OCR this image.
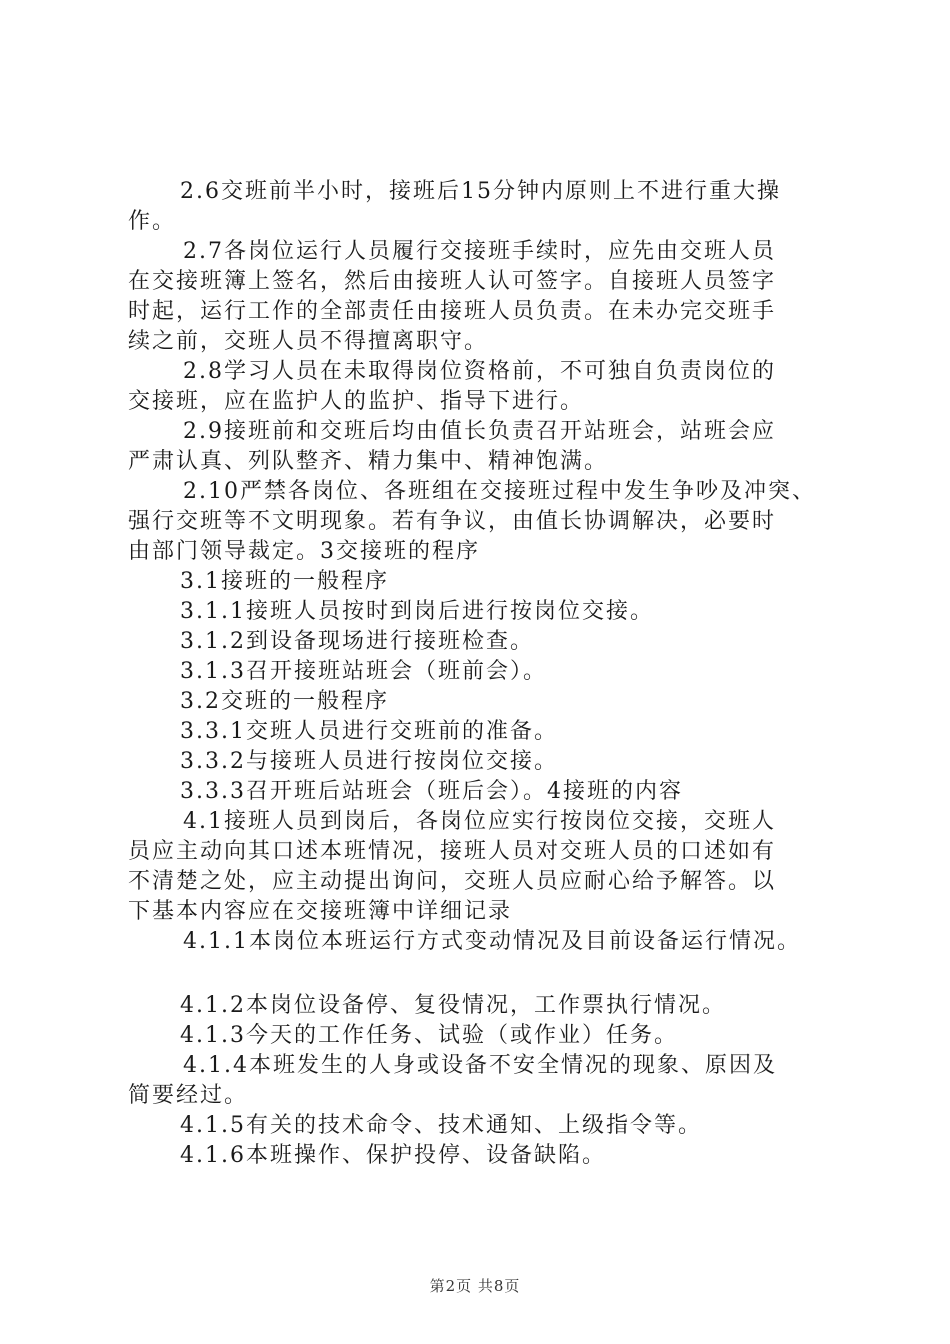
2.6交班前半小时，接班后15分钟内原则上不进行重大操
作。
2.7各岗位运行人员履行交接班手续时，应先由交班人员
在交接班簿上签名，然后由接班人认可签字。自接班人员签字
时起，运行工作的全部责任由接班人员负责。在未办完交班手
续之前，交班人员不得擅离职守。
2.8学习人员在未取得岗位资格前，不可独自负责岗位的
交接班，应在监护人的监护、指导下进行。
2.9接班前和交班后均由值长负责召开站班会，站班会应
严肃认真、列队整齐、精力集中、精神饱满。
2.10严禁各岗位、各班组在交接班过程中发生争吵及冲突、
强行交班等不文明现象。若有争议，由值长协调解决，必要时
由部门领导裁定。3交接班的程序
3.1接班的一般程序
3.1.1接班人员按时到岗后进行按岗位交接。
3.1.2到设备现场进行接班检查。
3.1.3召开接班站班会（班前会）。
3.2交班的一般程序
3.3.1交班人员进行交班前的准备。
3.3.2与接班人员进行按岗位交接。
3.3.3召开班后站班会（班后会）。4接班的内容
4.1接班人员到岗后，各岗位应实行按岗位交接，交班人
员应主动向其口述本班情况，接班人员对交班人员的口述如有
不清楚之处，应主动提出询问，交班人员应耐心给予解答。以
下基本内容应在交接班簿中详细记录
4.1.1本岗位本班运行方式变动情况及目前设备运行情况。
4.1.2本岗位设备停、复役情况，工作票执行情况。
4.1.3今天的工作任务、试验（或作业）任务。
4.1.4本班发生的人身或设备不安全情况的现象、原因及
简要经过。
4.1.5有关的技术命令、技术通知、上级指令等。
4.1.6本班操作、保护投停、设备缺陷。
第2页 共8页
